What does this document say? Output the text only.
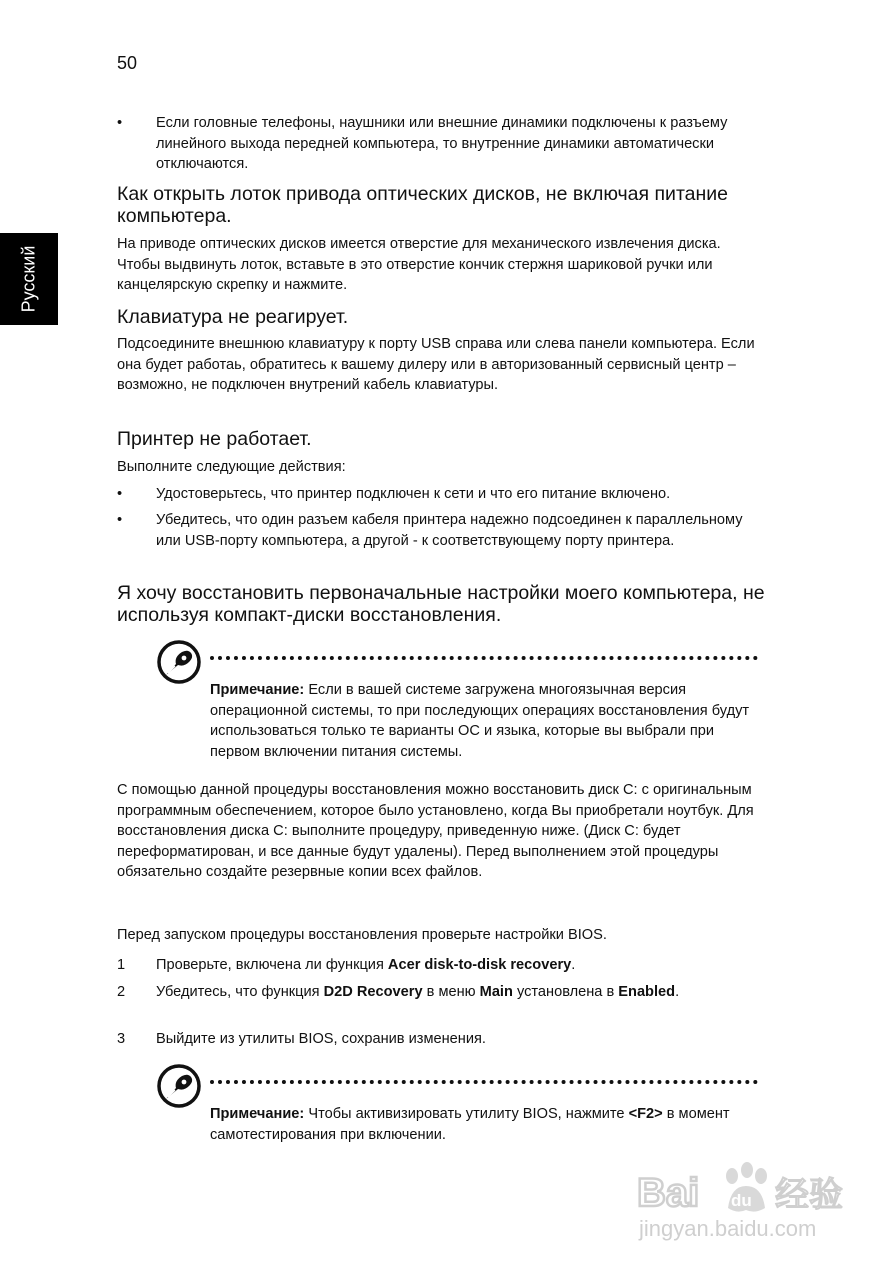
50
Русский
• Если головные телефоны, наушники или внешние динамики подключены к разъему линейного выхода передней компьютера, то внутренние динамики автоматически отключаются.

Как открыть лоток привода оптических дисков, не включая питание компьютера.

На приводе оптических дисков имеется отверстие для механического извлечения диска. Чтобы выдвинуть лоток, вставьте в это отверстие кончик стержня шариковой ручки или канцелярскую скрепку и нажмите.

Клавиатура не реагирует.

Подсоедините внешнюю клавиатуру к порту USB справа или слева панели компьютера. Если она будет работаь, обратитесь к вашему дилеру или в авторизованный сервисный центр – возможно, не подключен внутрений кабель клавиатуры.

Принтер не работает.

Выполните следующие действия:

• Удостоверьтесь, что принтер подключен к сети и что его питание включено.

• Убедитесь, что один разъем кабеля принтера надежно подсоединен к параллельному или USB-порту компьютера, а другой - к соответствующему порту принтера.

Я хочу восстановить первоначальные настройки моего компьютера, не используя компакт-диски восстановления.

Примечание: Если в вашей системе загружена многоязычная версия операционной системы, то при последующих операциях восстановления будут использоваться только те варианты ОС и языка, которые вы выбрали при первом включении питания системы.

С помощью данной процедуры восстановления можно восстановить диск C: с оригинальным программным обеспечением, которое было установлено, когда Вы приобретали ноутбук. Для восстановления диска C: выполните процедуру, приведенную ниже. (Диск C: будет переформатирован, и все данные будут удалены). Перед выполнением этой процедуры обязательно создайте резервные копии всех файлов.

Перед запуском процедуры восстановления проверьте настройки BIOS.

1 Проверьте, включена ли функция Acer disk-to-disk recovery.

2 Убедитесь, что функция D2D Recovery в меню Main установлена в Enabled.

3 Выйдите из утилиты BIOS, сохранив изменения.

Примечание: Чтобы активизировать утилиту BIOS, нажмите <F2> в момент самотестирования при включении.

Bai du 经验
jingyan.baidu.com
